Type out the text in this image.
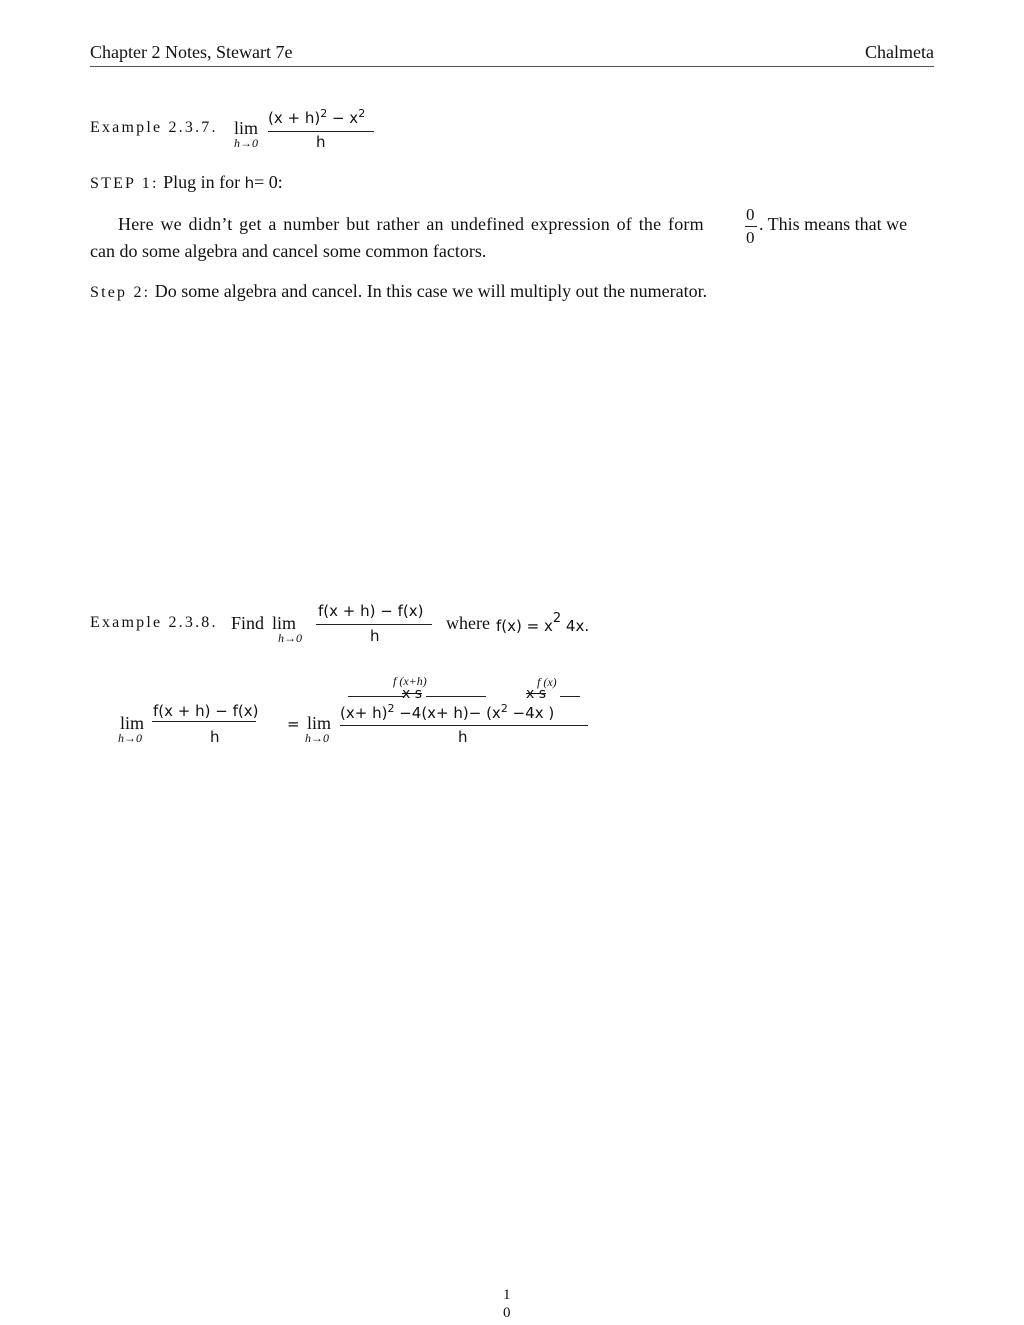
Chapter 2 Notes, Stewart 7e	Chalmeta
Example 2.3.7. lim
h→0
$(x + h)^2 - x^2$
h
STEP 1: Plug in for h= 0:
Here we didn’t get a number but rather an undefined expression of the form 0
0
. This means that we
can do some algebra and cancel some common factors.
Step 2: Do some algebra and cancel. In this case we will multiply out the numerator.
Example 2.3.8. Find lim
h→0
f(x + h) − f(x)
h
where $f(x) = x^2$ 4x.
lim
h→0
f(x + h) − f(x)
h
= lim
h→0
f (x+h)
x s
f (x)
x s
$(x+ h)^2 -4(x+ h)- (x^2 -4x$ )
h
1
0
